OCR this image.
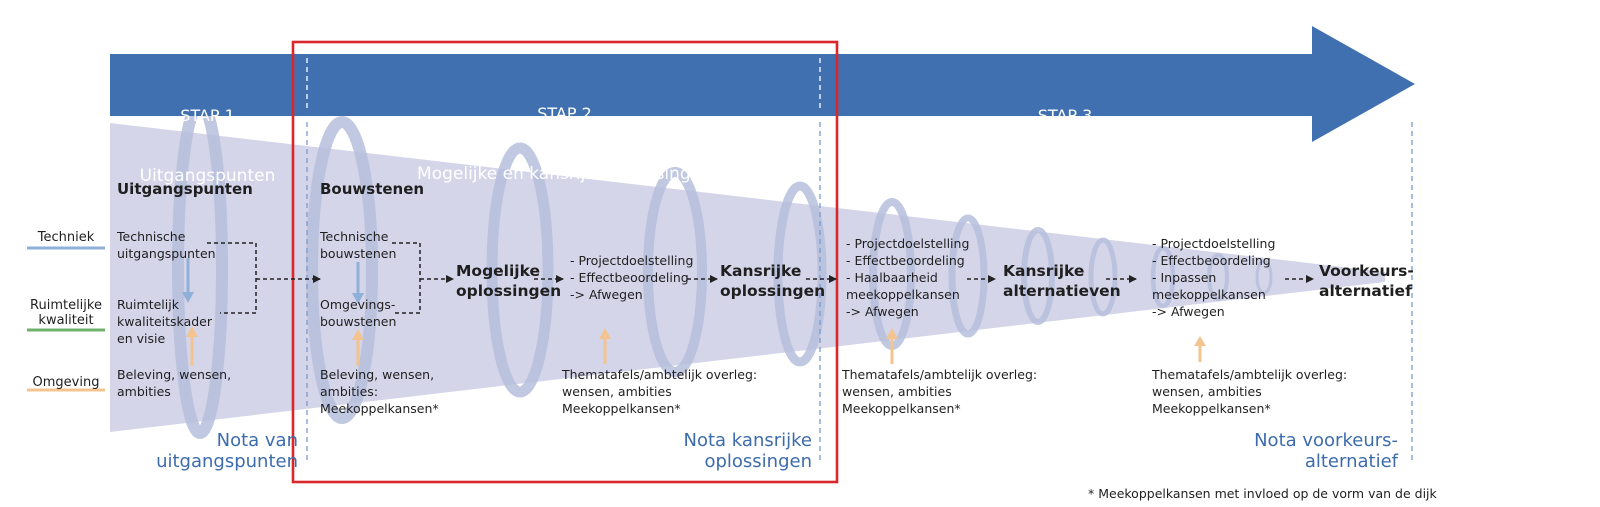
STAP 1

Uitgangspunten

STAP 2

Mogelijke en kansrijke oplossingen

STAP 3

Kansrijke alternatieven en voorkeursalternatief

Techniek
Ruimtelijke
kwaliteit
Omgeving
Uitgangspunten
Technische
uitgangspunten
Ruimtelijk
kwaliteitskader
en visie
Beleving, wensen,
ambities
Nota van
uitgangspunten
Bouwstenen
Technische
bouwstenen
Omgevings-
bouwstenen
Beleving, wensen,
ambities:
Meekoppelkansen*
Mogelijke
oplossingen
- Projectdoelstelling
- Effectbeoordeling
-> Afwegen
Kansrijke
oplossingen
Thematafels/ambtelijk overleg:
wensen, ambities
Meekoppelkansen*
Nota kansrijke
oplossingen
- Projectdoelstelling
- Effectbeoordeling
- Haalbaarheid
meekoppelkansen
-> Afwegen
Thematafels/ambtelijk overleg:
wensen, ambities
Meekoppelkansen*
Kansrijke
alternatieven
- Projectdoelstelling
- Effectbeoordeling
- Inpassen
meekoppelkansen
-> Afwegen
Thematafels/ambtelijk overleg:
wensen, ambities
Meekoppelkansen*
Voorkeurs-
alternatief
Nota voorkeurs-
alternatief
* Meekoppelkansen met invloed op de vorm van de dijk
